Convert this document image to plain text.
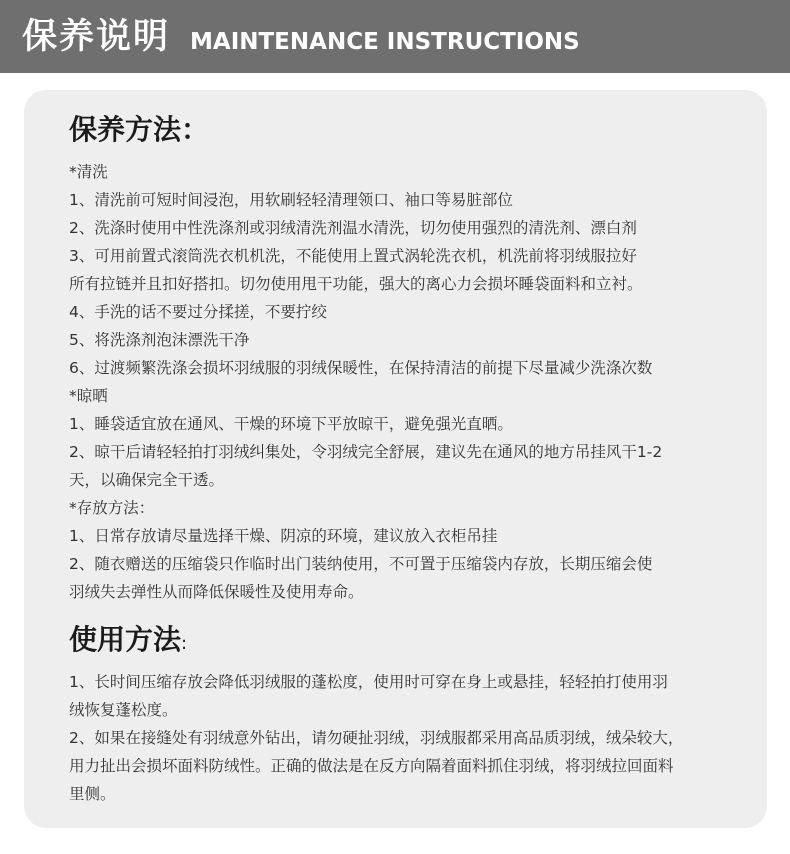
保养说明 MAINTENANCE INSTRUCTIONS
保养方法：
*清洗
1、清洗前可短时间浸泡，用软刷轻轻清理领口、袖口等易脏部位
2、洗涤时使用中性洗涤剂或羽绒清洗剂温水清洗，切勿使用强烈的清洗剂、漂白剂
3、可用前置式滚筒洗衣机机洗，不能使用上置式涡轮洗衣机，机洗前将羽绒服拉好
所有拉链并且扣好搭扣。切勿使用甩干功能，强大的离心力会损坏睡袋面料和立衬。
4、手洗的话不要过分揉搓，不要拧绞
5、将洗涤剂泡沫漂洗干净
6、过渡频繁洗涤会损坏羽绒服的羽绒保暖性，在保持清洁的前提下尽量减少洗涤次数
*晾晒
1、睡袋适宜放在通风、干燥的环境下平放晾干，避免强光直晒。
2、晾干后请轻轻拍打羽绒纠集处，令羽绒完全舒展，建议先在通风的地方吊挂风干1-2
天，以确保完全干透。
*存放方法：
1、日常存放请尽量选择干燥、阴凉的环境，建议放入衣柜吊挂
2、随衣赠送的压缩袋只作临时出门装纳使用，不可置于压缩袋内存放，长期压缩会使
羽绒失去弹性从而降低保暖性及使用寿命。
使用方法:
1、长时间压缩存放会降低羽绒服的蓬松度，使用时可穿在身上或悬挂，轻轻拍打使用羽
绒恢复蓬松度。
2、如果在接缝处有羽绒意外钻出，请勿硬扯羽绒，羽绒服都采用高品质羽绒，绒朵较大，
用力扯出会损坏面料防绒性。正确的做法是在反方向隔着面料抓住羽绒，将羽绒拉回面料
里侧。
